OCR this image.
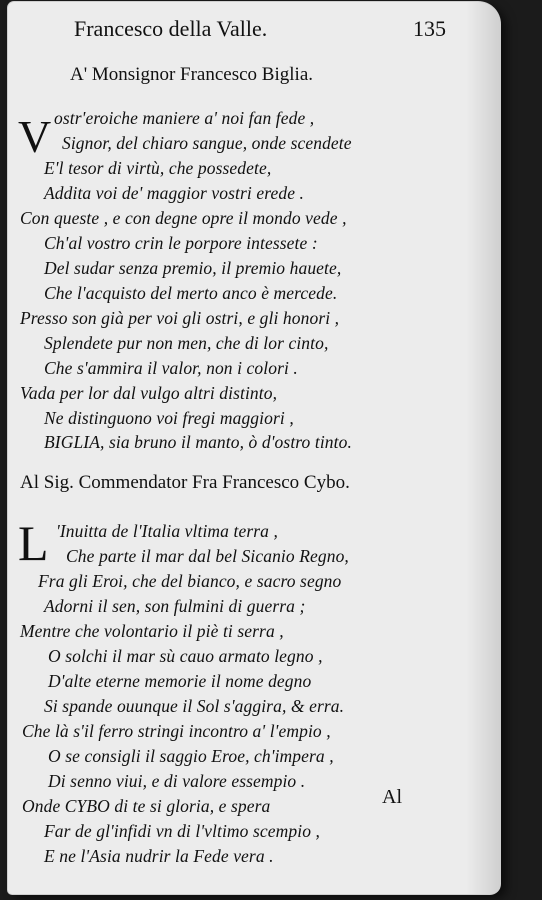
Francesco della Valle.	135
A' Monsignor Francesco Biglia.
V ostr'eroiche maniere a' noi fan fede ,
Signor, del chiaro sangue, onde scendete
E'l tesor di virtù, che possedete,
Addita voi de' maggior vostri erede .
Con queste , e con degne opre il mondo vede ,
Ch'al vostro crin le porpore intessete :
Del sudar senza premio, il premio hauete,
Che l'acquisto del merto anco è mercede.
Presso son già per voi gli ostri, e gli honori ,
Splendete pur non men, che di lor cinto,
Che s'ammira il valor, non i colori .
Vada per lor dal vulgo altri distinto,
Ne distinguono voi fregi maggiori ,
BIGLIA, sia bruno il manto, ò d'ostro tinto.
Al Sig. Commendator Fra Francesco Cybo.
L 'Inuitta de l'Italia vltima terra ,
Che parte il mar dal bel Sicanio Regno,
Fra gli Eroi, che del bianco, e sacro segno
Adorni il sen, son fulmini di guerra ;
Mentre che volontario il piè ti serra ,
O solchi il mar sù cauo armato legno ,
D'alte eterne memorie il nome degno
Si spande ouunque il Sol s'aggira, & erra.
Che là s'il ferro stringi incontro a' l'empio ,
O se consigli il saggio Eroe, ch'impera ,
Di senno viui, e di valore essempio .
Onde CYBO di te si gloria, e spera
Far de gl'infidi vn di l'vltimo scempio ,
E ne l'Asia nudrir la Fede vera .
Al
